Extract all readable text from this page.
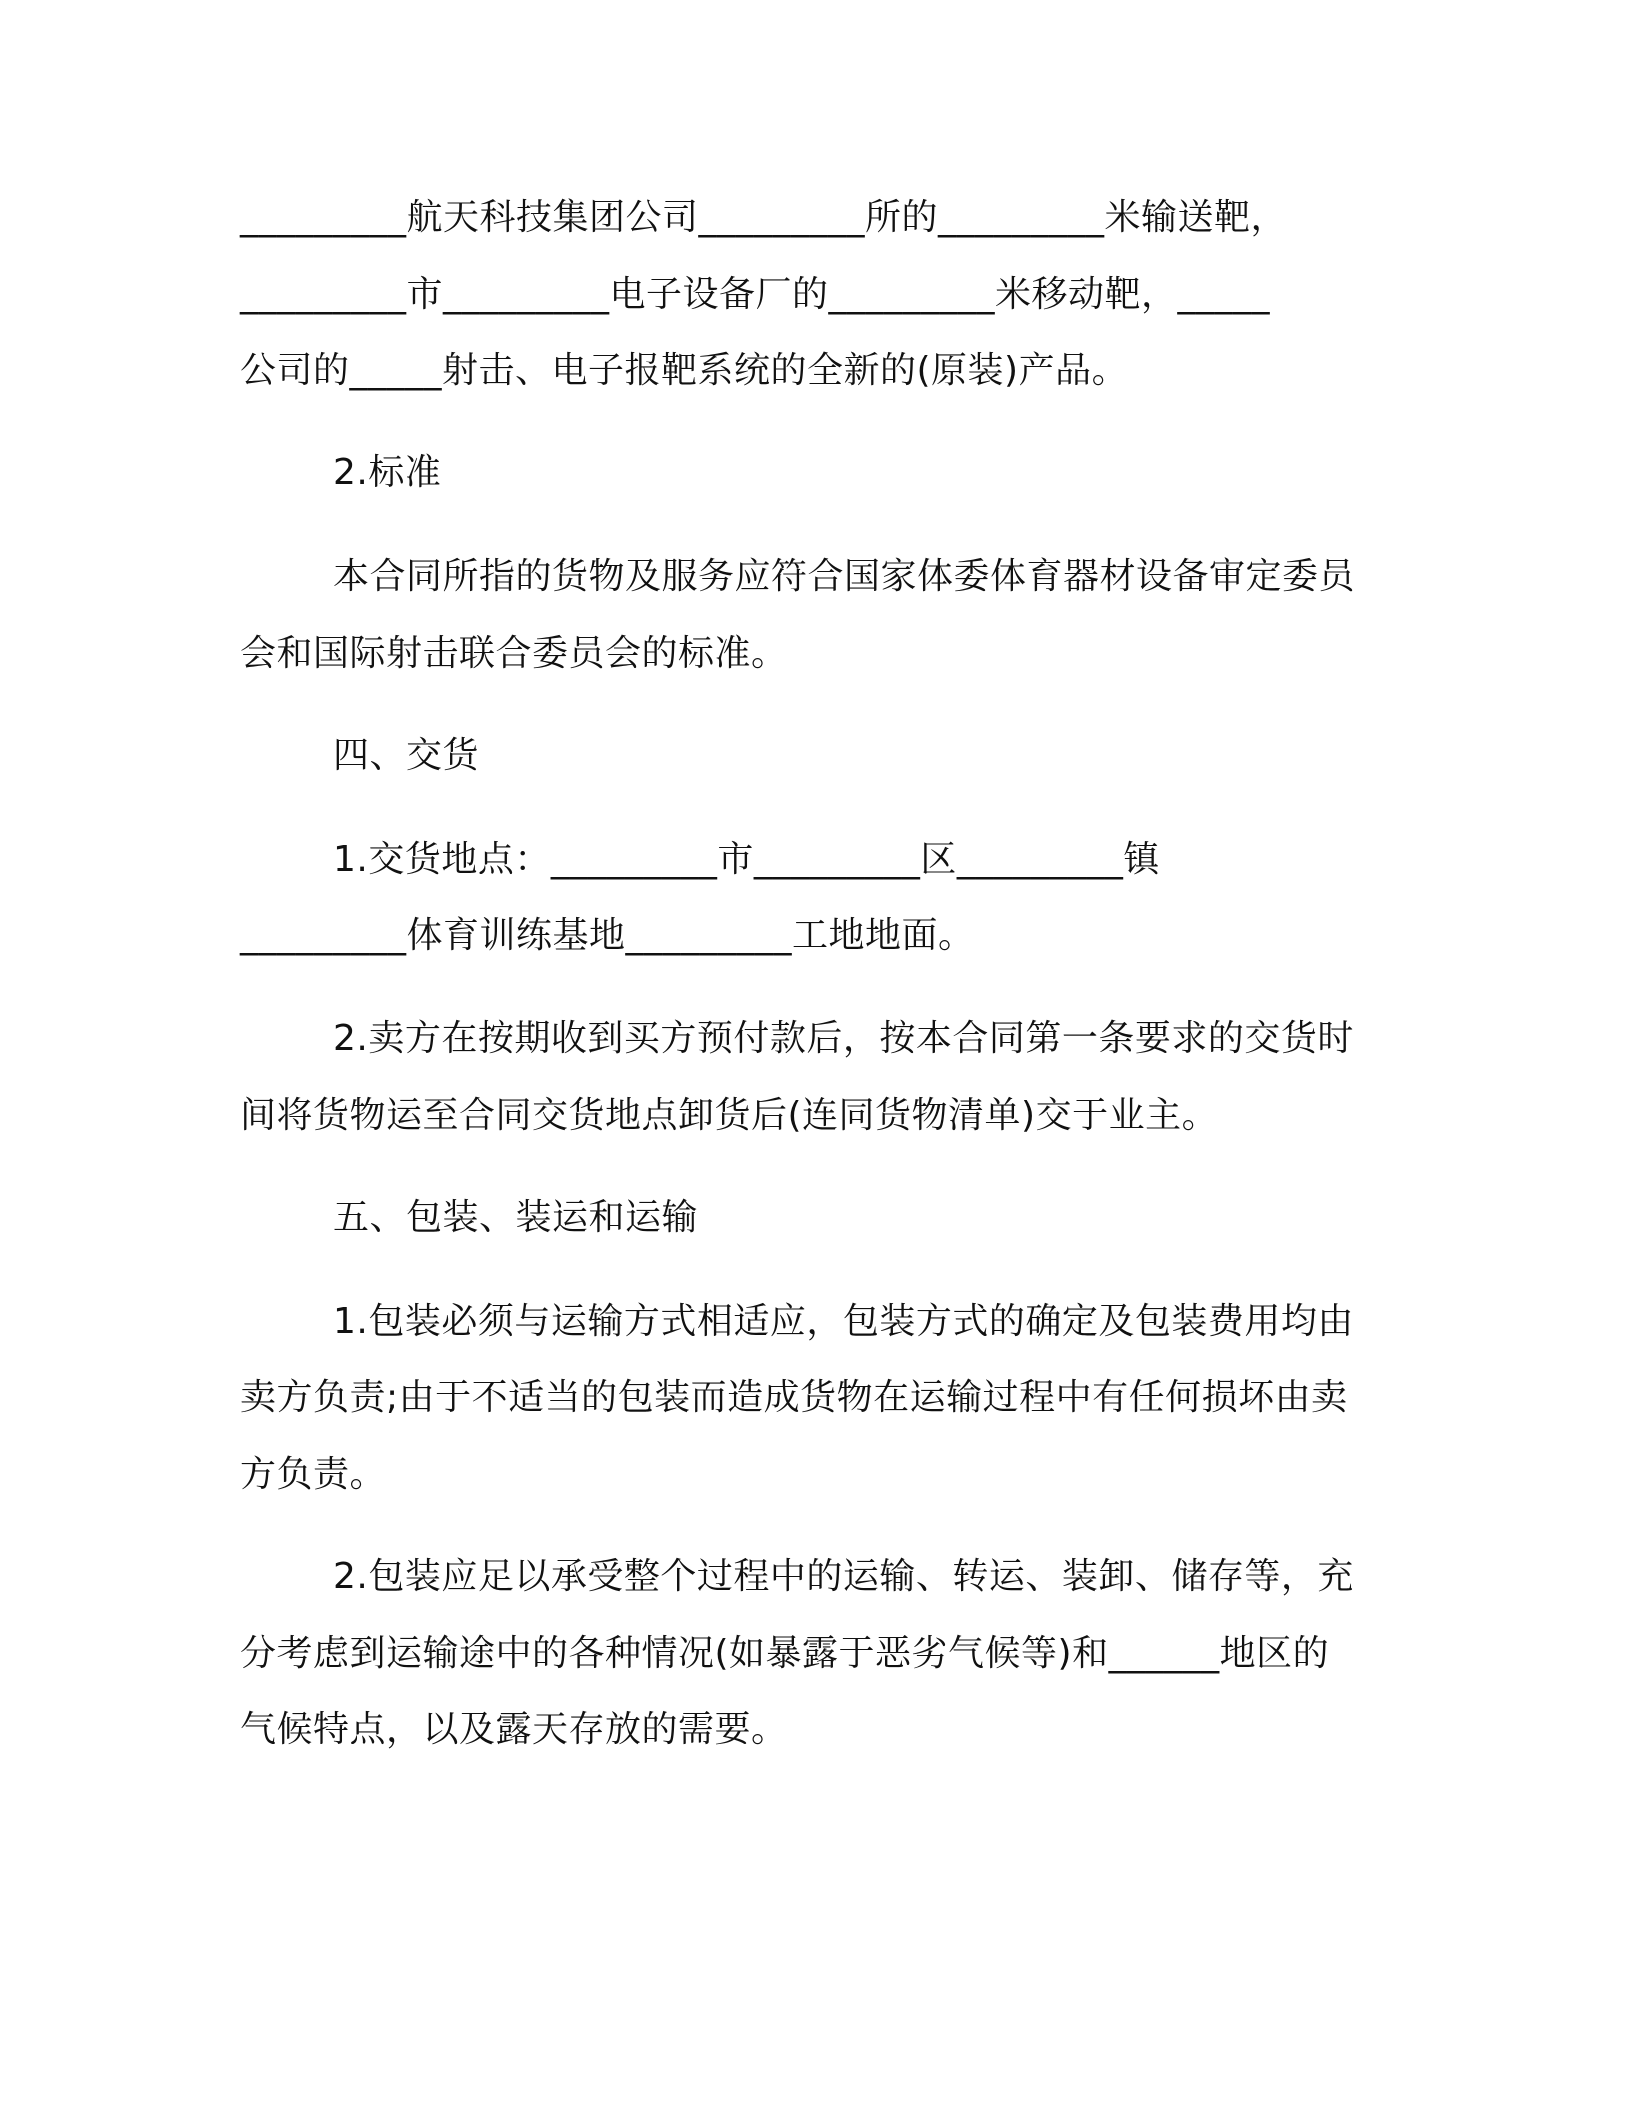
_________航天科技集团公司_________所的_________米输送靶，
_________市_________电子设备厂的_________米移动靶，_____
公司的_____射击、电子报靶系统的全新的(原装)产品。
2.标准
本合同所指的货物及服务应符合国家体委体育器材设备审定委员
会和国际射击联合委员会的标准。
四、交货
1.交货地点：_________市_________区_________镇
_________体育训练基地_________工地地面。
2.卖方在按期收到买方预付款后，按本合同第一条要求的交货时
间将货物运至合同交货地点卸货后(连同货物清单)交于业主。
五、包装、装运和运输
1.包装必须与运输方式相适应，包装方式的确定及包装费用均由
卖方负责;由于不适当的包装而造成货物在运输过程中有任何损坏由卖
方负责。
2.包装应足以承受整个过程中的运输、转运、装卸、储存等，充
分考虑到运输途中的各种情况(如暴露于恶劣气候等)和______地区的
气候特点，以及露天存放的需要。
